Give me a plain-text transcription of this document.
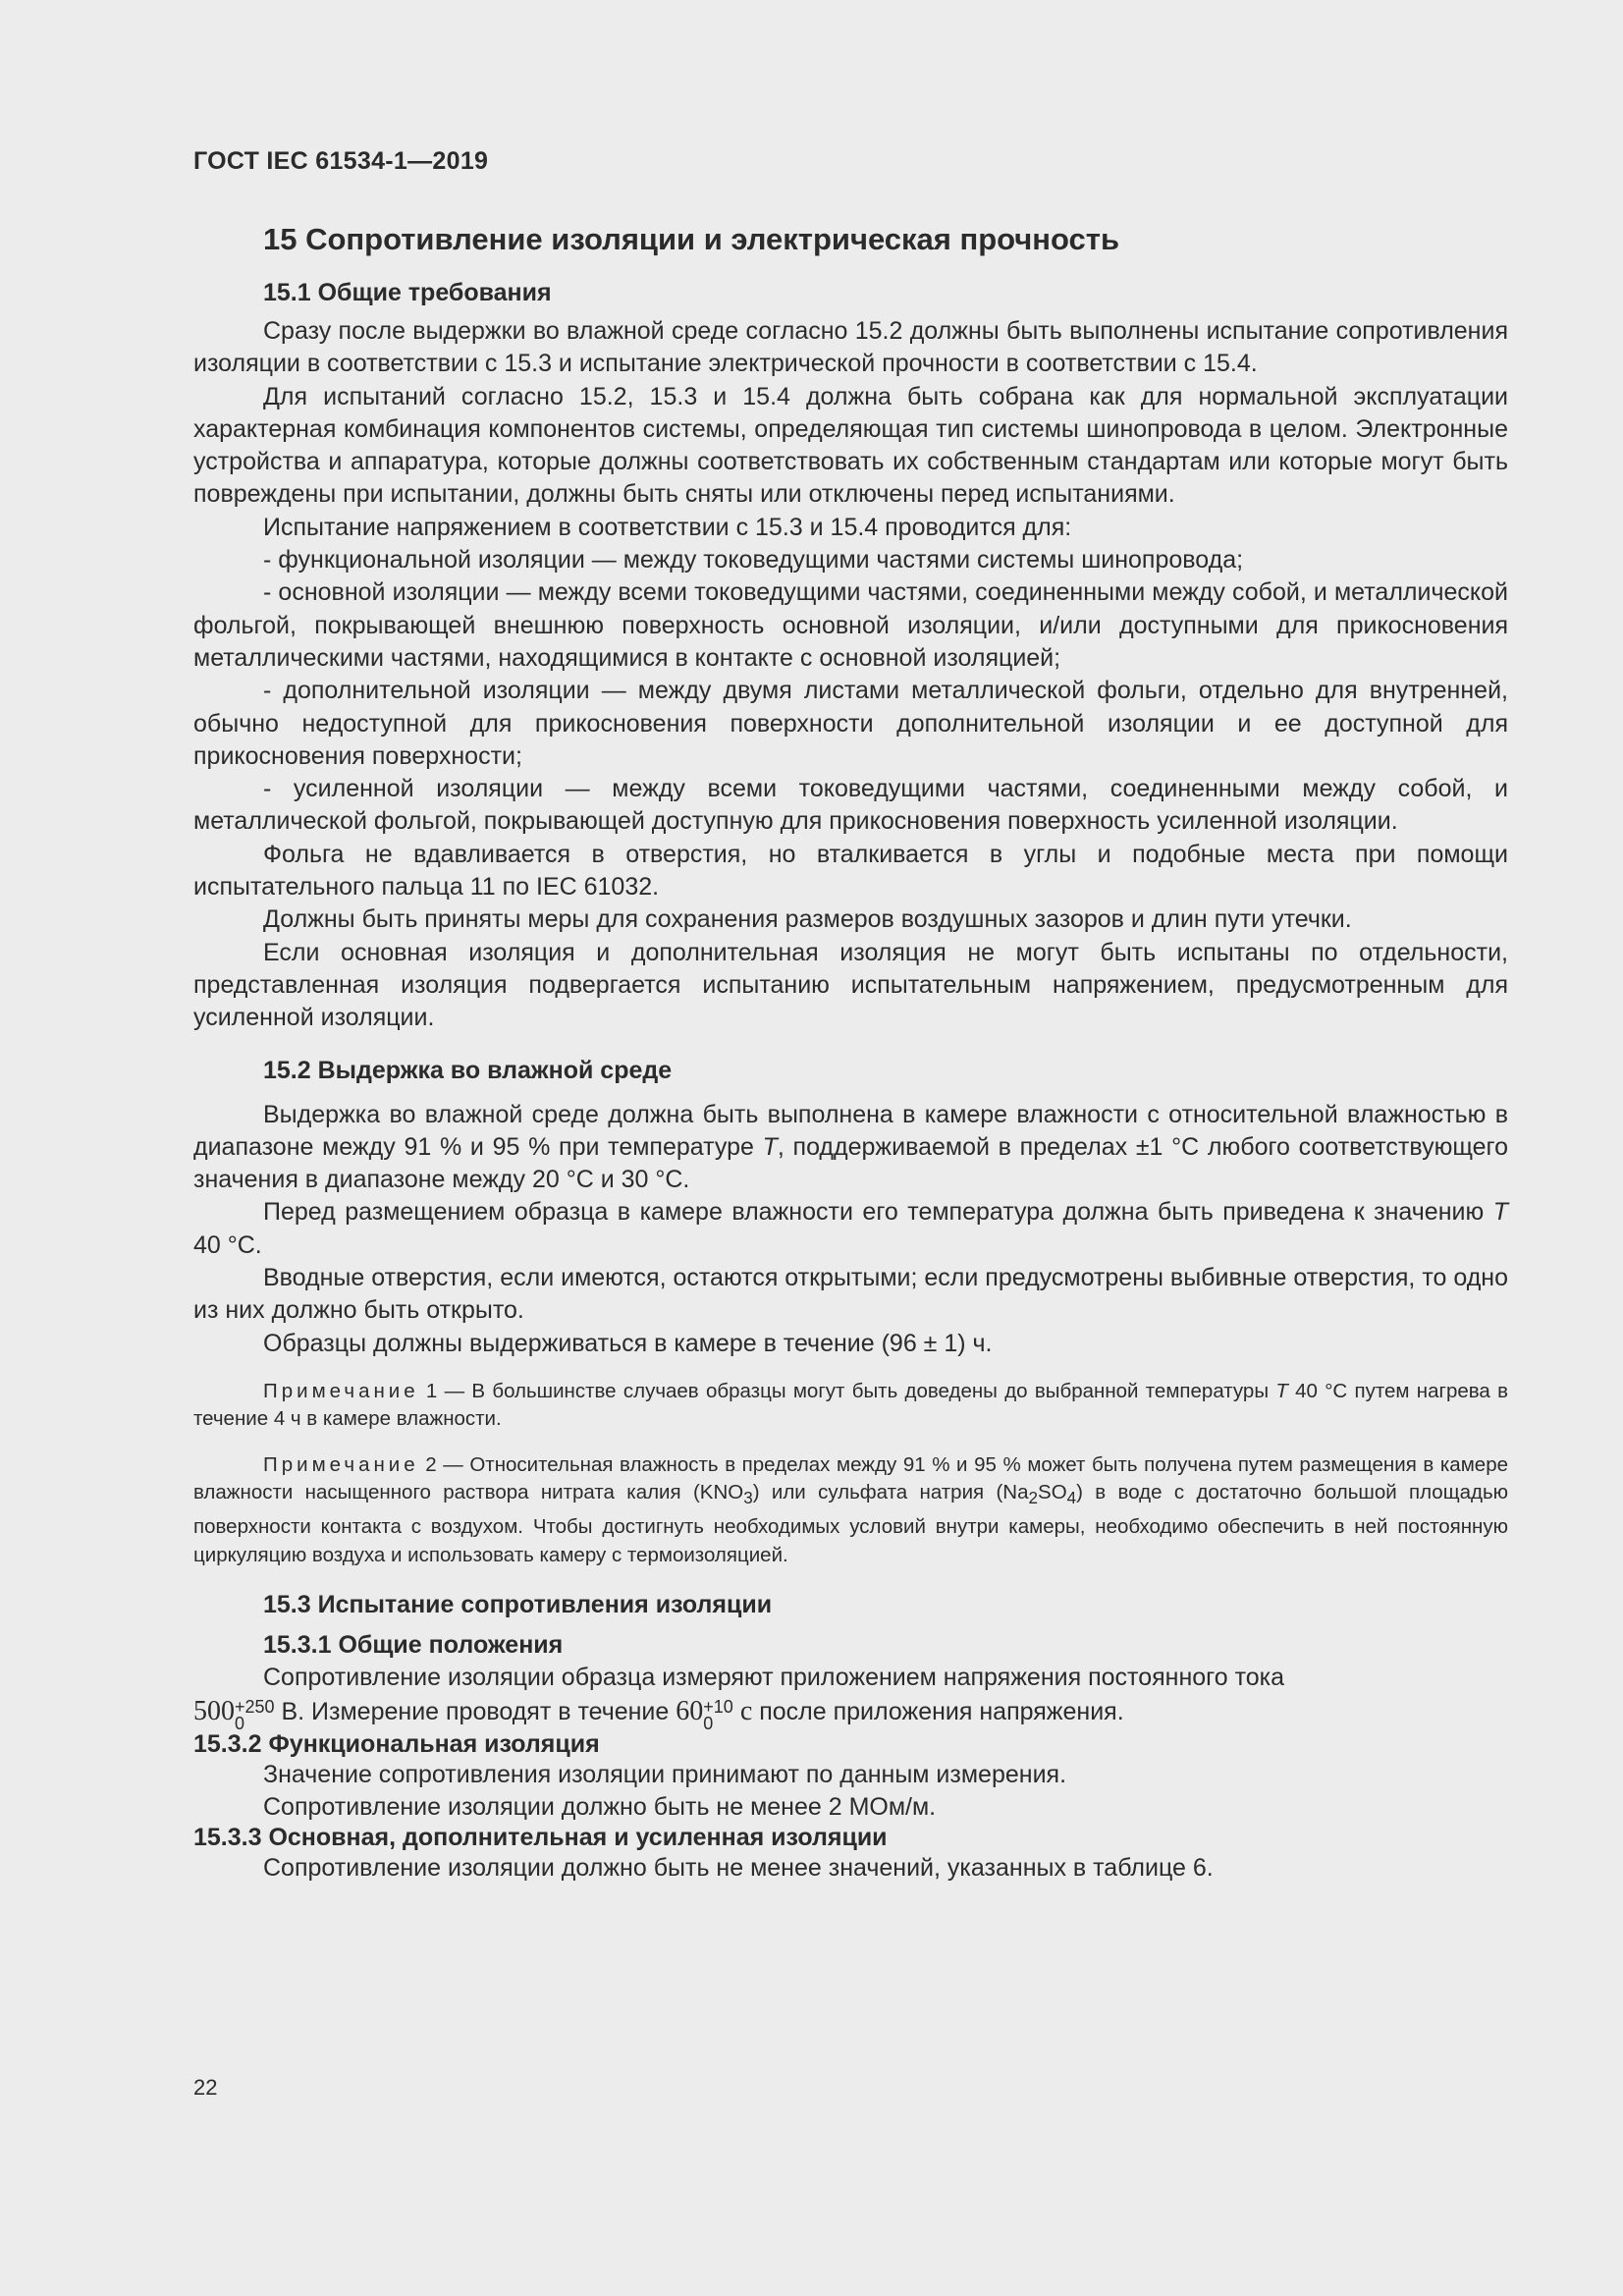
ГОСТ IEC 61534-1—2019
15 Сопротивление изоляции и электрическая прочность
15.1 Общие требования

Сразу после выдержки во влажной среде согласно 15.2 должны быть выполнены испытание сопротивления изоляции в соответствии с 15.3 и испытание электрической прочности в соответствии с 15.4.

Для испытаний согласно 15.2, 15.3 и 15.4 должна быть собрана как для нормальной эксплуатации характерная комбинация компонентов системы, определяющая тип системы шинопровода в целом. Электронные устройства и аппаратура, которые должны соответствовать их собственным стандартам или которые могут быть повреждены при испытании, должны быть сняты или отключены перед испытаниями.

Испытание напряжением в соответствии с 15.3 и 15.4 проводится для:

- функциональной изоляции — между токоведущими частями системы шинопровода;

- основной изоляции — между всеми токоведущими частями, соединенными между собой, и металлической фольгой, покрывающей внешнюю поверхность основной изоляции, и/или доступными для прикосновения металлическими частями, находящимися в контакте с основной изоляцией;

- дополнительной изоляции — между двумя листами металлической фольги, отдельно для внутренней, обычно недоступной для прикосновения поверхности дополнительной изоляции и ее доступной для прикосновения поверхности;

- усиленной изоляции — между всеми токоведущими частями, соединенными между собой, и металлической фольгой, покрывающей доступную для прикосновения поверхность усиленной изоляции.

Фольга не вдавливается в отверстия, но вталкивается в углы и подобные места при помощи испытательного пальца 11 по IEC 61032.

Должны быть приняты меры для сохранения размеров воздушных зазоров и длин пути утечки.

Если основная изоляция и дополнительная изоляция не могут быть испытаны по отдельности, представленная изоляция подвергается испытанию испытательным напряжением, предусмотренным для усиленной изоляции.

15.2 Выдержка во влажной среде

Выдержка во влажной среде должна быть выполнена в камере влажности с относительной влажностью в диапазоне между 91 % и 95 % при температуре T, поддерживаемой в пределах ±1 °С любого соответствующего значения в диапазоне между 20 °С и 30 °С.

Перед размещением образца в камере влажности его температура должна быть приведена к значению T 40 °С.

Вводные отверстия, если имеются, остаются открытыми; если предусмотрены выбивные отверстия, то одно из них должно быть открыто.

Образцы должны выдерживаться в камере в течение (96 ± 1) ч.

Примечание 1 — В большинстве случаев образцы могут быть доведены до выбранной температуры T 40 °С путем нагрева в течение 4 ч в камере влажности.

Примечание 2 — Относительная влажность в пределах между 91 % и 95 % может быть получена путем размещения в камере влажности насыщенного раствора нитрата калия $(KNO_3)$ или сульфата натрия $(Na_2SO_4)$ в воде с достаточно большой площадью поверхности контакта с воздухом. Чтобы достигнуть необходимых условий внутри камеры, необходимо обеспечить в ней постоянную циркуляцию воздуха и использовать камеру с термоизоляцией.

15.3 Испытание сопротивления изоляции
15.3.1 Общие положения

Сопротивление изоляции образца измеряют приложением напряжения постоянного тока

500 +250
0	В. Измерение проводят в течение 60 +10
0 с после приложения напряжения.
15.3.2 Функциональная изоляция

Значение сопротивления изоляции принимают по данным измерения.

Сопротивление изоляции должно быть не менее 2 МОм/м.

15.3.3 Основная, дополнительная и усиленная изоляции

Сопротивление изоляции должно быть не менее значений, указанных в таблице 6.

22
